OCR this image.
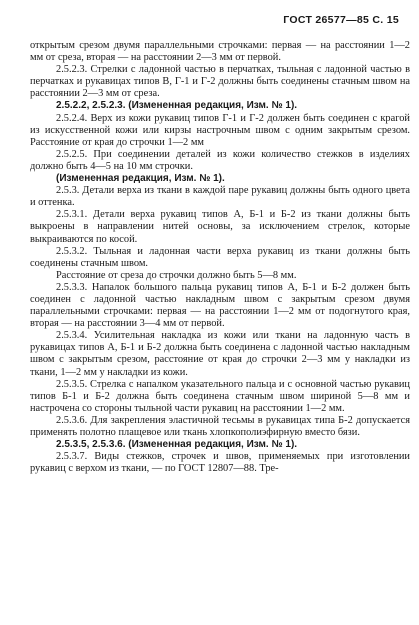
ГОСТ 26577—85 С. 15

открытым срезом двумя параллельными строчками: первая — на расстоянии 1—2 мм от среза, вторая — на расстоянии 2—3 мм от первой.

2.5.2.3. Стрелки с ладонной частью в перчатках, тыльная с ладонной частью в перчатках и рукавицах типов В, Г-1 и Г-2 должны быть соединены стачным швом на расстоянии 2—3 мм от среза.

2.5.2.2, 2.5.2.3. (Измененная редакция, Изм. № 1).

2.5.2.4. Верх из кожи рукавиц типов Г-1 и Г-2 должен быть соединен с крагой из искусственной кожи или кирзы настрочным швом с одним закрытым срезом. Расстояние от края до строчки 1—2 мм

2.5.2.5. При соединении деталей из кожи количество стежков в изделиях должно быть 4—5 на 10 мм строчки.

(Измененная редакция, Изм. № 1).

2.5.3. Детали верха из ткани в каждой паре рукавиц должны быть одного цвета и оттенка.

2.5.3.1. Детали верха рукавиц типов А, Б-1 и Б-2 из ткани должны быть выкроены в направлении нитей основы, за исключением стрелок, которые выкраиваются по косой.

2.5.3.2. Тыльная и ладонная части верха рукавиц из ткани должны быть соединены стачным швом.

Расстояние от среза до строчки должно быть 5—8 мм.

2.5.3.3. Напалок большого пальца рукавиц типов А, Б-1 и Б-2 должен быть соединен с ладонной частью накладным швом с закрытым срезом двумя параллельными строчками: первая — на расстоянии 1—2 мм от подогнутого края, вторая — на расстоянии 3—4 мм от первой.

2.5.3.4. Усилительная накладка из кожи или ткани на ладонную часть в рукавицах типов А, Б-1 и Б-2 должна быть соединена с ладонной частью накладным швом с закрытым срезом, расстояние от края до строчки 2—3 мм у накладки из ткани, 1—2 мм у накладки из кожи.

2.5.3.5. Стрелка с напалком указательного пальца и с основной частью рукавиц типов Б-1 и Б-2 должна быть соединена стачным швом шириной 5—8 мм и настрочена со стороны тыльной части рукавиц на расстоянии 1—2 мм.

2.5.3.6. Для закрепления эластичной тесьмы в рукавицах типа Б-2 допускается применять полотно плащевое или ткань хлопкополиэфирную вместо бязи.

2.5.3.5, 2.5.3.6. (Измененная редакция, Изм. № 1).

2.5.3.7. Виды стежков, строчек и швов, применяемых при изготовлении рукавиц с верхом из ткани, — по ГОСТ 12807—88. Тре-
